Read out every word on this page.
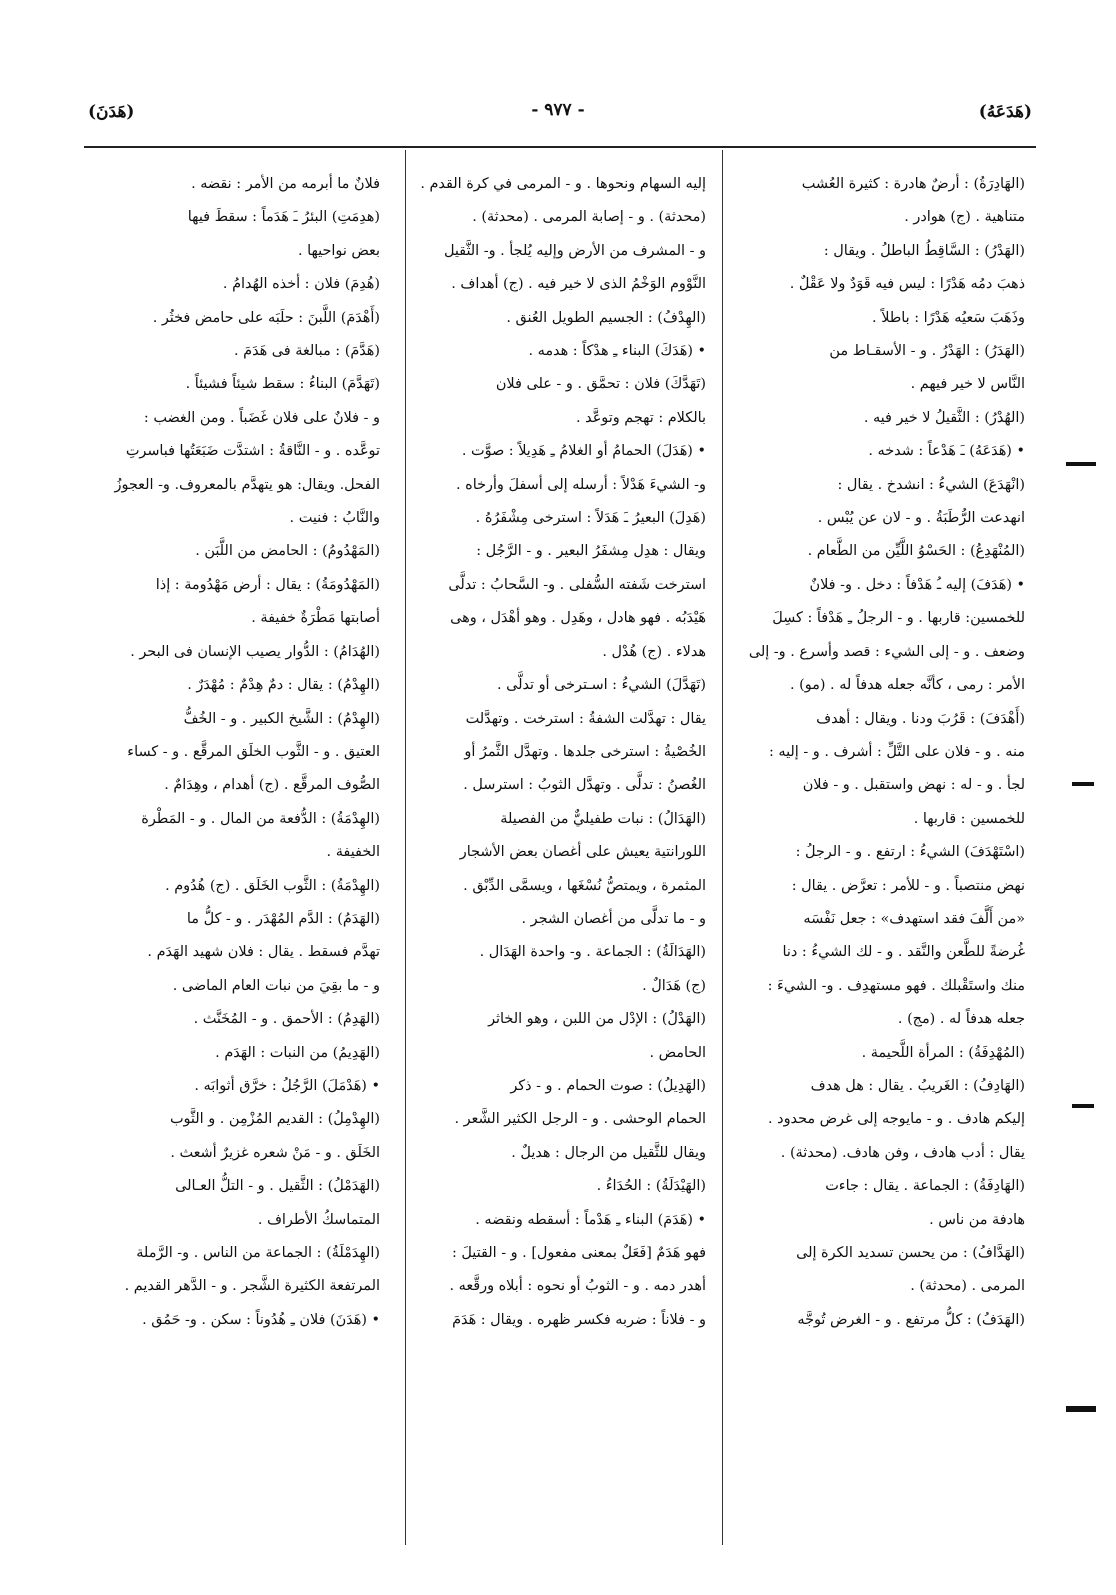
(هَدَعَهُ)
- ٩٧٧ -
(هَدَنَ)
(الهَادِرَةُ) : أرضٌ هادرة : كثيرة العُشب
متناهية . (ج) هوادر .
(الهَدْرُ) : السَّاقِطُ الباطلُ . ويقال :
ذهبَ دمُه هَدْرًا : ليس فيه قَوَدٌ ولا عَقْلٌ .
وذَهَبَ سَعيُه هَدْرًا : باطلاً .
(الهَدَرُ) : الهَدْرُ . و - الأسقـاط من
النَّاس لا خير فيهم .
(الهُدْرُ) : الثَّقيلُ لا خير فيه .
• (هَدَعَهُ) ـَ هَدْعاً : شدخه .
(انْهَدَعَ) الشيءُ : انشدخ . يقال :
انهدعت الرُّطَبَةُ . و - لان عن يُبْس .
(المُنْهَدِعُ) : الحَسْوُ اللَّيِّن من الطَّعام .
• (هَدَفَ) إليه ـُ هَدْفاً : دخل . و- فلانٌ
للخمسين: قاربها . و - الرجلُ ـِ هَدْفاً : كسِلَ
وضعف . و - إلى الشيء : قصد وأسرع . و- إلى
الأمر : رمى ، كأنَّه جعله هدفاً له . (مو) .
(أَهْدَفَ) : قَرُبَ ودنا . ويقال : أهدف
منه . و - فلان على التَّلِّ : أشرف . و - إليه :
لجأ . و - له : نهض واستقبل . و - فلان
للخمسين : قاربها .
(اسْتَهْدَفَ) الشيءُ : ارتفع . و - الرجلُ :
نهض منتصباً . و - للأمر : تعرَّض . يقال :
«من أَلَّفَ فقد استهدف» : جعل نَفْسَه
غُرضةً للطَّعن والنَّقد . و - لك الشيءُ : دنا
منك واستَقْبلك . فهو مستهدِف . و- الشيءَ :
جعله هدفاً له . (مج) .
(المُهْدِفَةُ) : المرأة اللَّحيمة .
(الهَادِفُ) : الغَريبُ . يقال : هل هدف
إليكم هادف . و - مايوجه إلى غرض محدود .
يقال : أدب هادف ، وفن هادف. (محدثة) .
(الهَادِفَةُ) : الجماعة . يقال : جاءت
هادفة من ناس .
(الهَدَّافُ) : من يحسن تسديد الكرة إلى
المرمى . (محدثة) .
(الهَدَفُ) : كلُّ مرتفع . و - الغرض تُوجَّه
إليه السهام ونحوها . و - المرمى في كرة القدم .
(محدثة) . و - إصابة المرمى . (محدثة) .
و - المشرف من الأرض وإليه يُلجأ . و- الثَّقيل
النَّوْوم الوَخْمُ الذى لا خير فيه . (ج) أهداف .
(الهِدْفُ) : الجسيم الطويل العُنق .
• (هَدَكَ) البناء ـِ هدْكاً : هدمه .
(تَهَدَّكَ) فلان : تحمَّق . و - على فلان
بالكلام : تهجم وتوعَّد .
• (هَدَلَ) الحمامُ أو الغلامُ ـِ هَدِيلاً : صوَّت .
و- الشيءَ هَدْلاً : أرسله إلى أسفلَ وأرخاه .
(هَدِلَ) البعيرُ ـَ هَدَلاً : استرخى مِشْفَرُهُ .
ويقال : هدِل مِشفَرُ البعير . و - الرَّجُل :
استرخت شَفته السُّفلى . و- السَّحابُ : تدلَّى
هَيْدَبُه . فهو هادل ، وهَدِل . وهو أهْدَل ، وهى
هدلاء . (ج) هُدْل .
(تَهَدَّلَ) الشيءُ : اسـترخى أو تدلَّى .
يقال : تهدَّلت الشفةُ : استرخت . وتهدَّلت
الخُصْيةُ : استرخى جلدها . وتهدَّل الثَّمرُ أو
الغُصنُ : تدلَّى . وتهدَّل الثوبُ : استرسل .
(الهَدَالُ) : نبات طفيليٌّ من الفصيلة
اللورانتية يعيش على أغصان بعض الأشجار
المثمرة ، ويمتصُّ نُسْغَها ، ويسمَّى الدِّبْق .
و - ما تدلَّى من أغصان الشجر .
(الهَدَالَةُ) : الجماعة . و- واحدة الهَدَال .
(ج) هَدَالٌ .
(الهَدْلُ) : الإدْل من اللبن ، وهو الخاثر
الحامض .
(الهَدِيلُ) : صوت الحمام . و - ذكر
الحمام الوحشى . و - الرجل الكثير الشَّعر .
ويقال للثَّقيل من الرجال : هديلٌ .
(الهَيْدَلَةُ) : الحُدَاءُ .
• (هَدَمَ) البناء ـِ هَدْماً : أسقطه ونقضه .
فهو هَدَمٌ [فَعَلٌ بمعنى مفعول] . و - القتيلَ :
أهدر دمه . و - الثوبُ أو نحوه : أبلاه ورقَّعه .
و - فلاناً : ضربه فكسر ظهره . ويقال : هَدَمَ
فلانٌ ما أبرمه من الأمر : نقضه .
(هدِمَتِ) البئرُ ـَ هَدَماً : سقطَ فيها
بعض نواحيها .
(هُدِمَ) فلان : أخذه الهُدامُ .
(أَهْدَمَ) اللَّبنَ : حلَبَه على حامض فخثُر .
(هَدَّمَ) : مبالغة فى هَدَمَ .
(تَهَدَّمَ) البناءُ : سقط شيئاً فشيئاً .
و - فلانٌ على فلان غَضَباً . ومن الغضب :
توعَّده . و - النَّاقةُ : اشتدَّت ضَبَعَتُها فباسرتِ
الفحل. ويقال: هو يتهدَّم بالمعروف. و- العجوزُ
والنَّابُ : فنيت .
(المَهْدُومُ) : الحامض من اللَّبَن .
(المَهْدُومَةُ) : يقال : أرض مَهْدُومة : إذا
أصابتها مَطْرَةٌ خفيفة .
(الهُدَامُ) : الدُّوار يصيب الإنسان فى البحر .
(الهِدْمُ) : يقال : دمٌ هِدْمٌ : مُهْدَرٌ .
(الهِدْمُ) : الشَّيخ الكبير . و - الخُفُّ
العتيق . و - الثَّوب الخلَق المرقَّع . و - كساء
الصُّوف المرقَّع . (ج) أهدام ، وهِدَامٌ .
(الهِدْمَةُ) : الدُّفعة من المال . و - المَطْرة
الخفيفة .
(الهِدْمَةُ) : الثَّوب الخَلَق . (ج) هُدُوم .
(الهَدَمُ) : الدَّم المُهْدَر . و - كلُّ ما
تهدَّم فسقط . يقال : فلان شهيد الهَدَم .
و - ما بقِيَ من نبات العام الماضى .
(الهَدِمُ) : الأحمق . و - المُخَنَّث .
(الهَدِيمُ) من النبات : الهَدَم .
• (هَدْمَلَ) الرَّجُلُ : خرَّق أثوابَه .
(الهِدْمِلُ) : القديم المُزْمِن . و الثَّوب
الخَلَق . و - مَنْ شعره غزيرٌ أشعث .
(الهَدَمْلُ) : الثَّقيل . و - التلُّ العـالى
المتماسكُ الأطراف .
(الهِدَمْلَةُ) : الجماعة من الناس . و- الرَّملة
المرتفعة الكثيرة الشَّجر . و - الدَّهر القديم .
• (هَدَنَ) فلان ـِ هُدُوناً : سكن . و- حَمُق .
